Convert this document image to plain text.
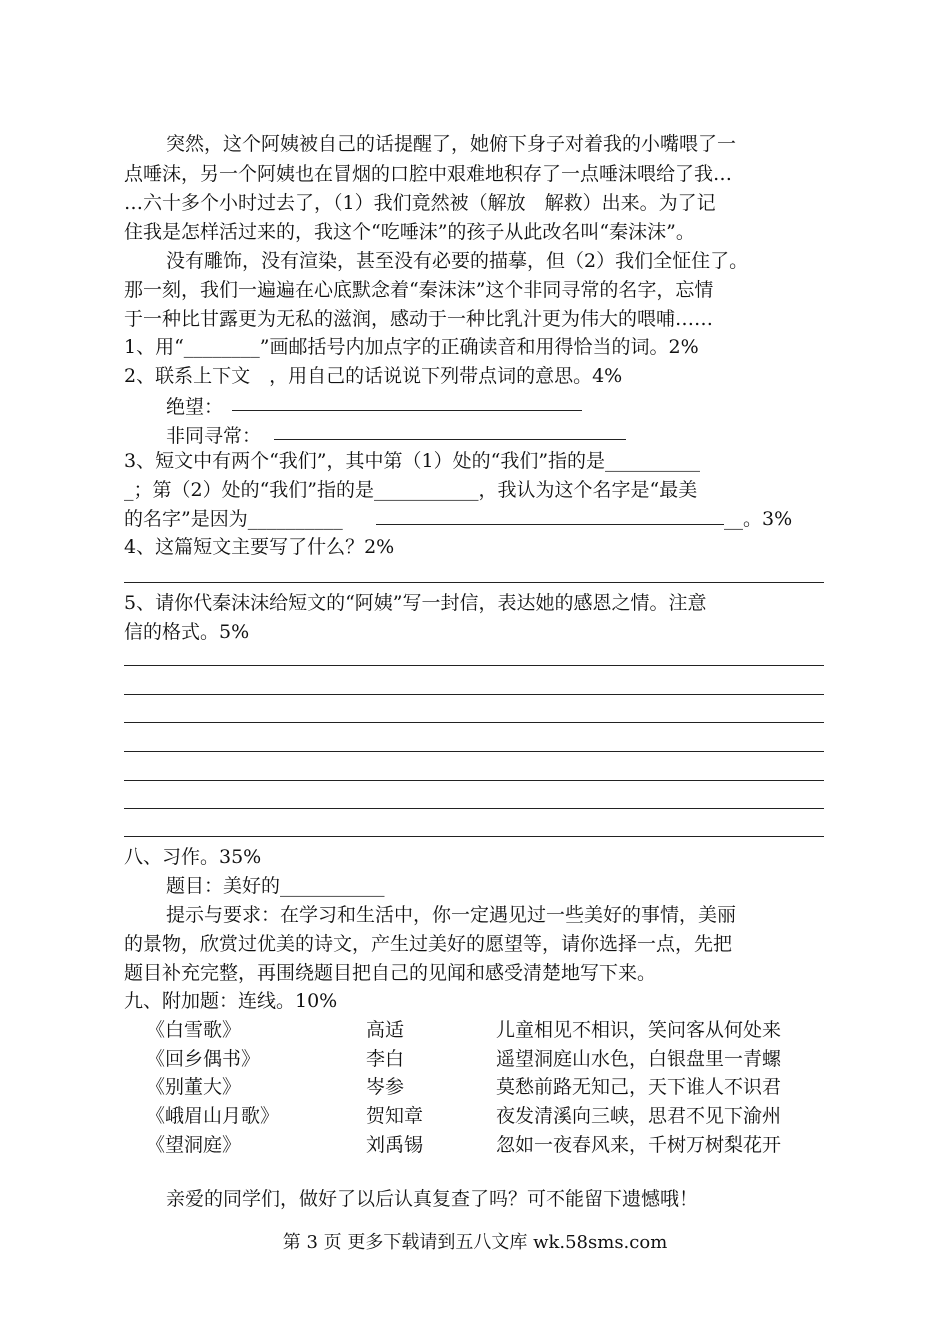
突然，这个阿姨被自己的话提醒了，她俯下身子对着我的小嘴喂了一
点唾沫，另一个阿姨也在冒烟的口腔中艰难地积存了一点唾沫喂给了我…
…六十多个小时过去了，（1）我们竟然被（解放　解救）出来。为了记
住我是怎样活过来的，我这个“吃唾沫”的孩子从此改名叫“秦沫沫”。
没有雕饰，没有渲染，甚至没有必要的描摹，但（2）我们全怔住了。
那一刻，我们一遍遍在心底默念着“秦沫沫”这个非同寻常的名字，忘情
于一种比甘露更为无私的滋润，感动于一种比乳汁更为伟大的喂哺……
1、用“________”画邮括号内加点字的正确读音和用得恰当的词。2%
2、联系上下文　，用自己的话说说下列带点词的意思。4%
绝望：
非同寻常：
3、短文中有两个“我们”，其中第（1）处的“我们”指的是__________
_；第（2）处的“我们”指的是___________，我认为这个名字是“最美
的名字”是因为__________	__。3%
4、这篇短文主要写了什么？2%
5、请你代秦沫沫给短文的“阿姨”写一封信，表达她的感恩之情。注意
信的格式。5%
八、习作。35%
题目：美好的___________
提示与要求：在学习和生活中，你一定遇见过一些美好的事情，美丽
的景物，欣赏过优美的诗文，产生过美好的愿望等，请你选择一点，先把
题目补充完整，再围绕题目把自己的见闻和感受清楚地写下来。
九、附加题：连线。10%
《白雪歌》	高适	儿童相见不相识，笑问客从何处来
《回乡偶书》	李白	遥望洞庭山水色，白银盘里一青螺
《别董大》	岑参	莫愁前路无知己，天下谁人不识君
《峨眉山月歌》	贺知章	夜发清溪向三峡，思君不见下渝州
《望洞庭》	刘禹锡	忽如一夜春风来，千树万树梨花开
亲爱的同学们，做好了以后认真复查了吗？可不能留下遗憾哦！
第 3 页 更多下载请到五八文库 wk.58sms.com
